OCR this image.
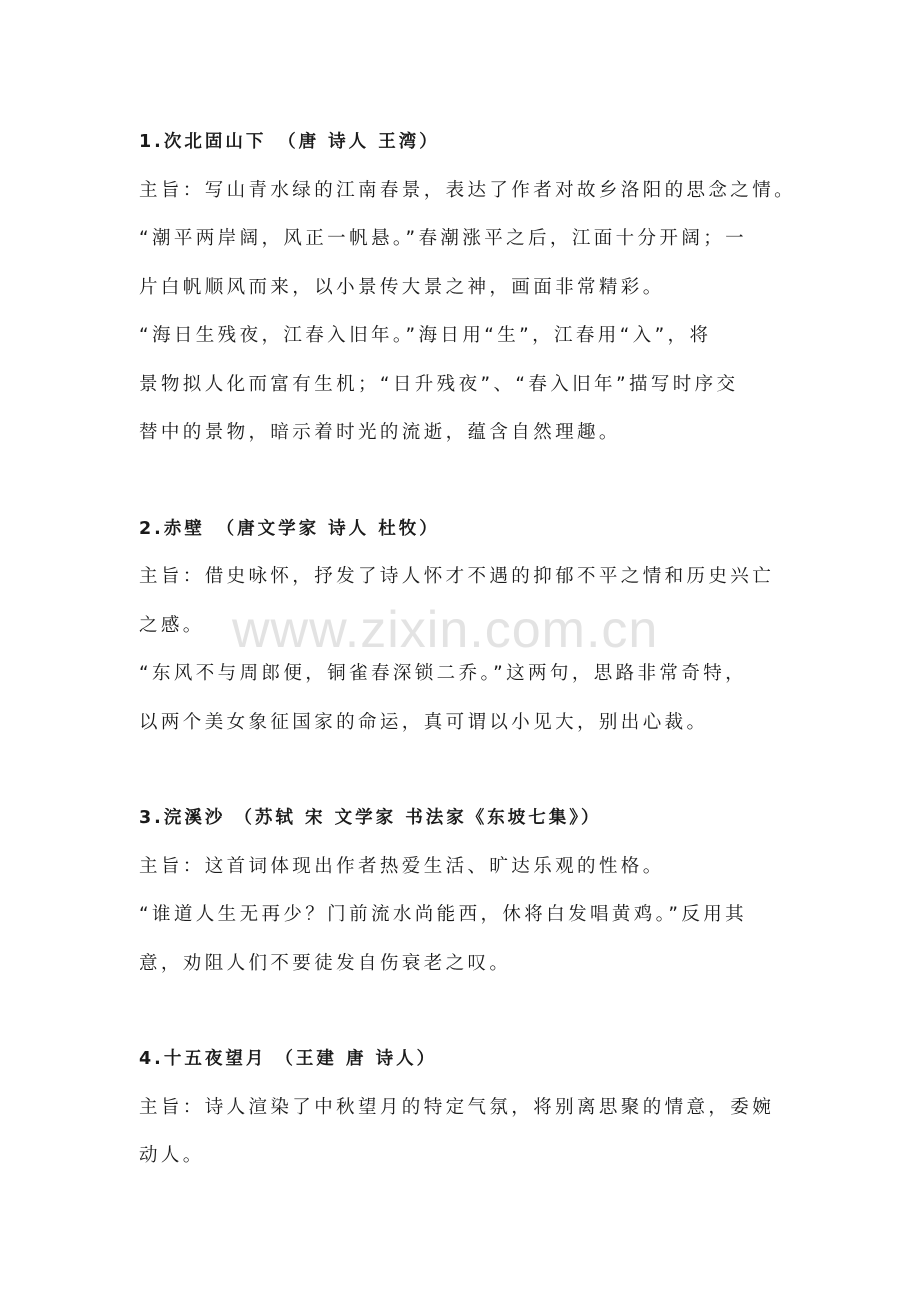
www.zixin.com.cn
1.次北固山下　（唐 诗人 王湾）
主旨：写山青水绿的江南春景，表达了作者对故乡洛阳的思念之情。
“潮平两岸阔，风正一帆悬。”春潮涨平之后，江面十分开阔；一
片白帆顺风而来，以小景传大景之神，画面非常精彩。
“海日生残夜，江春入旧年。”海日用“生”，江春用“入”，将
景物拟人化而富有生机；“日升残夜”、“春入旧年”描写时序交
替中的景物，暗示着时光的流逝，蕴含自然理趣。
2.赤壁　（唐文学家 诗人 杜牧）
主旨：借史咏怀，抒发了诗人怀才不遇的抑郁不平之情和历史兴亡
之感。
“东风不与周郎便，铜雀春深锁二乔。”这两句，思路非常奇特，
以两个美女象征国家的命运，真可谓以小见大，别出心裁。
3.浣溪沙 （苏轼 宋 文学家 书法家《东坡七集》）
主旨：这首词体现出作者热爱生活、旷达乐观的性格。
“谁道人生无再少？门前流水尚能西，休将白发唱黄鸡。”反用其
意，劝阻人们不要徒发自伤衰老之叹。
4.十五夜望月 （王建 唐 诗人）
主旨：诗人渲染了中秋望月的特定气氛，将别离思聚的情意，委婉
动人。
